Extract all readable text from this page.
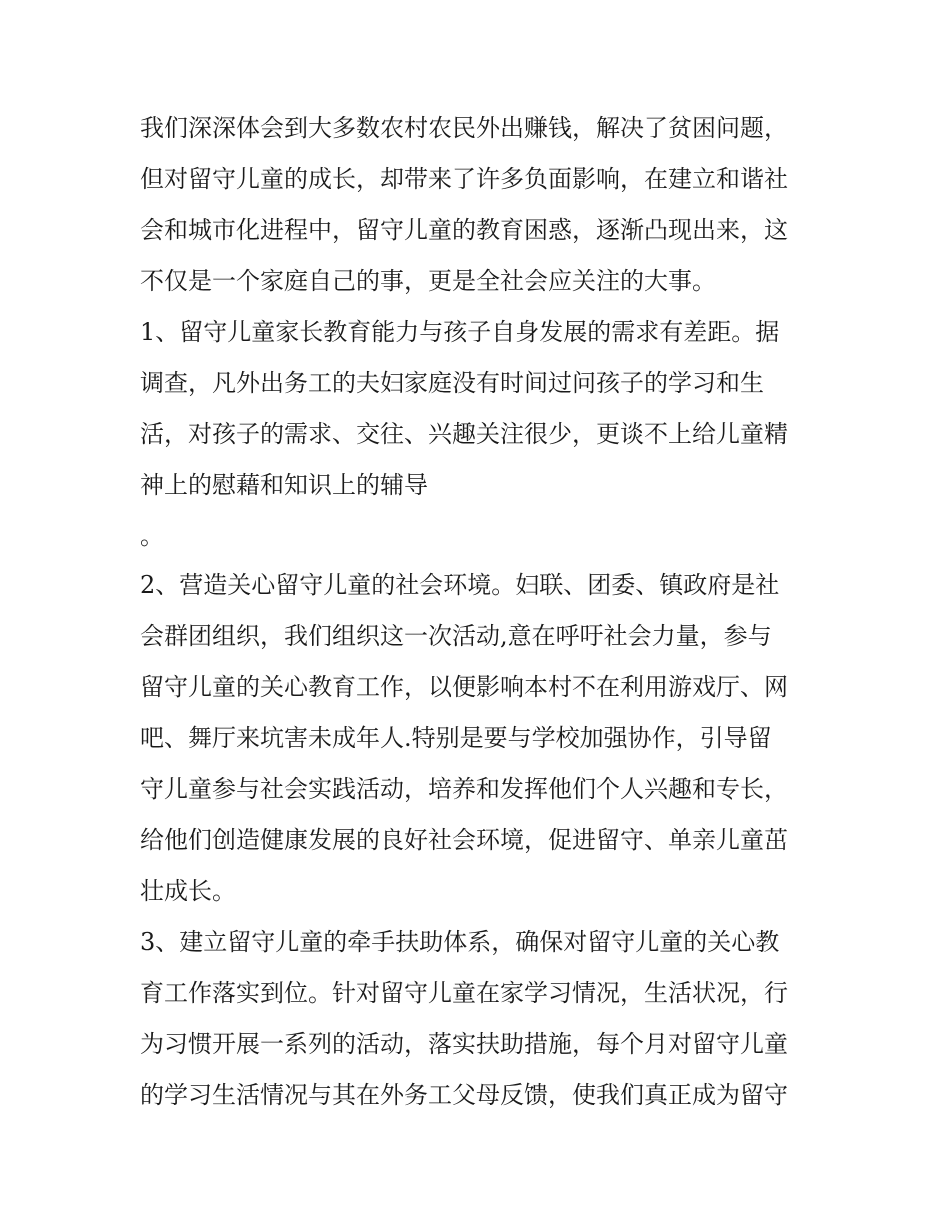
我们深深体会到大多数农村农民外出赚钱，解决了贫困问题，
但对留守儿童的成长，却带来了许多负面影响，在建立和谐社
会和城市化进程中，留守儿童的教育困惑，逐渐凸现出来，这
不仅是一个家庭自己的事，更是全社会应关注的大事。
1、留守儿童家长教育能力与孩子自身发展的需求有差距。据
调查，凡外出务工的夫妇家庭没有时间过问孩子的学习和生
活，对孩子的需求、交往、兴趣关注很少，更谈不上给儿童精
神上的慰藉和知识上的辅导
。
2、营造关心留守儿童的社会环境。妇联、团委、镇政府是社
会群团组织，我们组织这一次活动,意在呼吁社会力量，参与
留守儿童的关心教育工作，以便影响本村不在利用游戏厅、网
吧、舞厅来坑害未成年人.特别是要与学校加强协作，引导留
守儿童参与社会实践活动，培养和发挥他们个人兴趣和专长，
给他们创造健康发展的良好社会环境，促进留守、单亲儿童茁
壮成长。
3、建立留守儿童的牵手扶助体系，确保对留守儿童的关心教
育工作落实到位。针对留守儿童在家学习情况，生活状况，行
为习惯开展一系列的活动，落实扶助措施，每个月对留守儿童
的学习生活情况与其在外务工父母反馈，使我们真正成为留守
